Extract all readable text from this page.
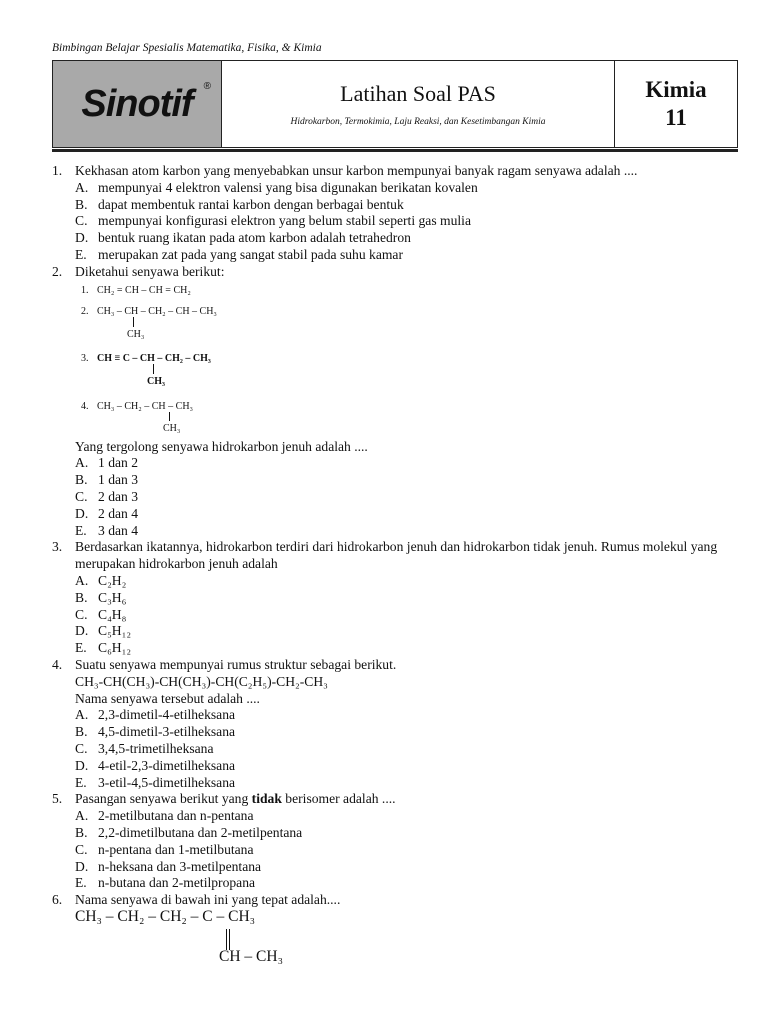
Bimbingan Belajar Spesialis Matematika, Fisika, & Kimia
Sinotif ®	Latihan Soal PAS
Hidrokarbon, Termokimia, Laju Reaksi, dan Kesetimbangan Kimia
Kimia
11
1. Kekhasan atom karbon yang menyebabkan unsur karbon mempunyai banyak ragam senyawa adalah ....
A. mempunyai 4 elektron valensi yang bisa digunakan berikatan kovalen
B. dapat membentuk rantai karbon dengan berbagai bentuk
C. mempunyai konfigurasi elektron yang belum stabil seperti gas mulia
D. bentuk ruang ikatan pada atom karbon adalah tetrahedron
E. merupakan zat pada yang sangat stabil pada suhu kamar
2. Diketahui senyawa berikut:
1. CH₂ = CH – CH = CH₂
2. CH₃ – CH – CH₂ – CH – CH₃
CH₃
3. CH ≡ C – CH – CH₂ – CH₃
CH₃
4. CH₃ – CH₂ – CH – CH₃
CH₃
Yang tergolong senyawa hidrokarbon jenuh adalah ....
A. 1 dan 2
B. 1 dan 3
C. 2 dan 3
D. 2 dan 4
E. 3 dan 4
3. Berdasarkan ikatannya, hidrokarbon terdiri dari hidrokarbon jenuh dan hidrokarbon tidak jenuh. Rumus molekul yang merupakan hidrokarbon jenuh adalah
A. C₂H₂
B. C₃H₆
C. C₄H₈
D. C₅H₁₂
E. C₆H₁₂
4. Suatu senyawa mempunyai rumus struktur sebagai berikut.
CH₃-CH(CH₃)-CH(CH₃)-CH(C₂H₅)-CH₂-CH₃
Nama senyawa tersebut adalah ....
A. 2,3-dimetil-4-etilheksana
B. 4,5-dimetil-3-etilheksana
C. 3,4,5-trimetilheksana
D. 4-etil-2,3-dimetilheksana
E. 3-etil-4,5-dimetilheksana
5. Pasangan senyawa berikut yang tidak berisomer adalah ....
A. 2-metilbutana dan n-pentana
B. 2,2-dimetilbutana dan 2-metilpentana
C. n-pentana dan 1-metilbutana
D. n-heksana dan 3-metilpentana
E. n-butana dan 2-metilpropana
6. Nama senyawa di bawah ini yang tepat adalah....
CH₃ – CH₂ – CH₂ – C – CH₃
CH – CH₃
